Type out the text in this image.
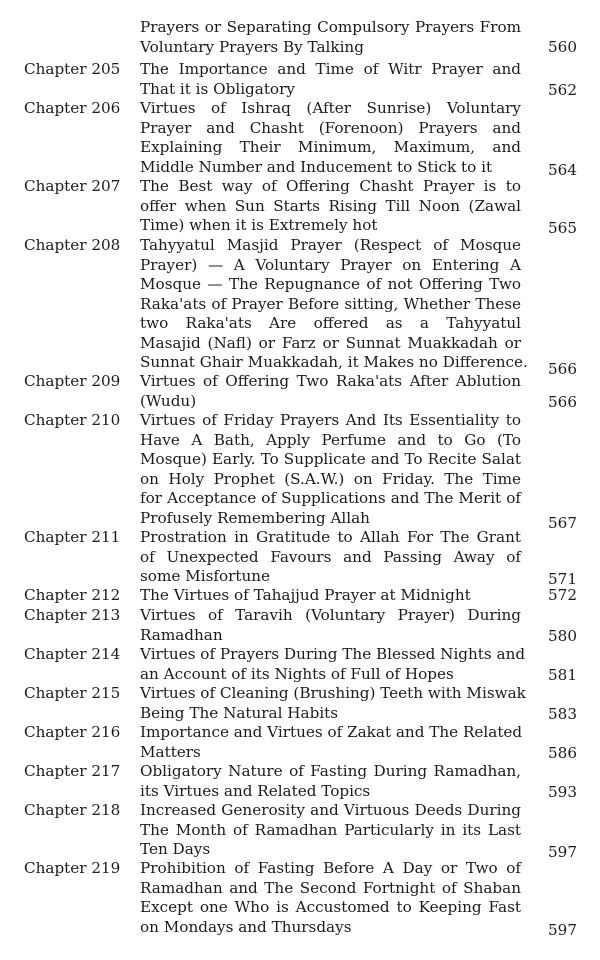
Prayers or Separating Compulsory Prayers From
Voluntary Prayers By Talking	560
Chapter 205 The Importance and Time of Witr Prayer and
That it is Obligatory	562
Chapter 206 Virtues of Ishraq (After Sunrise) Voluntary
Prayer and Chasht (Forenoon) Prayers and
Explaining Their Minimum, Maximum, and
Middle Number and Inducement to Stick to it	564
Chapter 207 The Best way of Offering Chasht Prayer is to
offer when Sun Starts Rising Till Noon (Zawal
Time) when it is Extremely hot	565
Chapter 208 Tahyyatul Masjid Prayer (Respect of Mosque
Prayer) — A Voluntary Prayer on Entering A
Mosque — The Repugnance of not Offering Two
Raka'ats of Prayer Before sitting, Whether These
two Raka'ats Are offered as a Tahyyatul
Masajid (Nafl) or Farz or Sunnat Muakkadah or
Sunnat Ghair Muakkadah, it Makes no Difference. 566
Chapter 209 Virtues of Offering Two Raka'ats After Ablution
(Wudu)	566
Chapter 210 Virtues of Friday Prayers And Its Essentiality to
Have A Bath, Apply Perfume and to Go (To
Mosque) Early. To Supplicate and To Recite Salat
on Holy Prophet (S.A.W.) on Friday. The Time
for Acceptance of Supplications and The Merit of
Profusely Remembering Allah	567
Chapter 211 Prostration in Gratitude to Allah For The Grant
of Unexpected Favours and Passing Away of
some Misfortune	571
Chapter 212 The Virtues of Tahajjud Prayer at Midnight	572
Chapter 213 Virtues of Taravih (Voluntary Prayer) During
Ramadhan	580
Chapter 214 Virtues of Prayers During The Blessed Nights and
an Account of its Nights of Full of Hopes	581
Chapter 215 Virtues of Cleaning (Brushing) Teeth with Miswak
Being The Natural Habits	583
Chapter 216 Importance and Virtues of Zakat and The Related
Matters	586
Chapter 217 Obligatory Nature of Fasting During Ramadhan,
its Virtues and Related Topics	593
Chapter 218 Increased Generosity and Virtuous Deeds During
The Month of Ramadhan Particularly in its Last
Ten Days	597
Chapter 219 Prohibition of Fasting Before A Day or Two of
Ramadhan and The Second Fortnight of Shaban
Except one Who is Accustomed to Keeping Fast
on Mondays and Thursdays	597
